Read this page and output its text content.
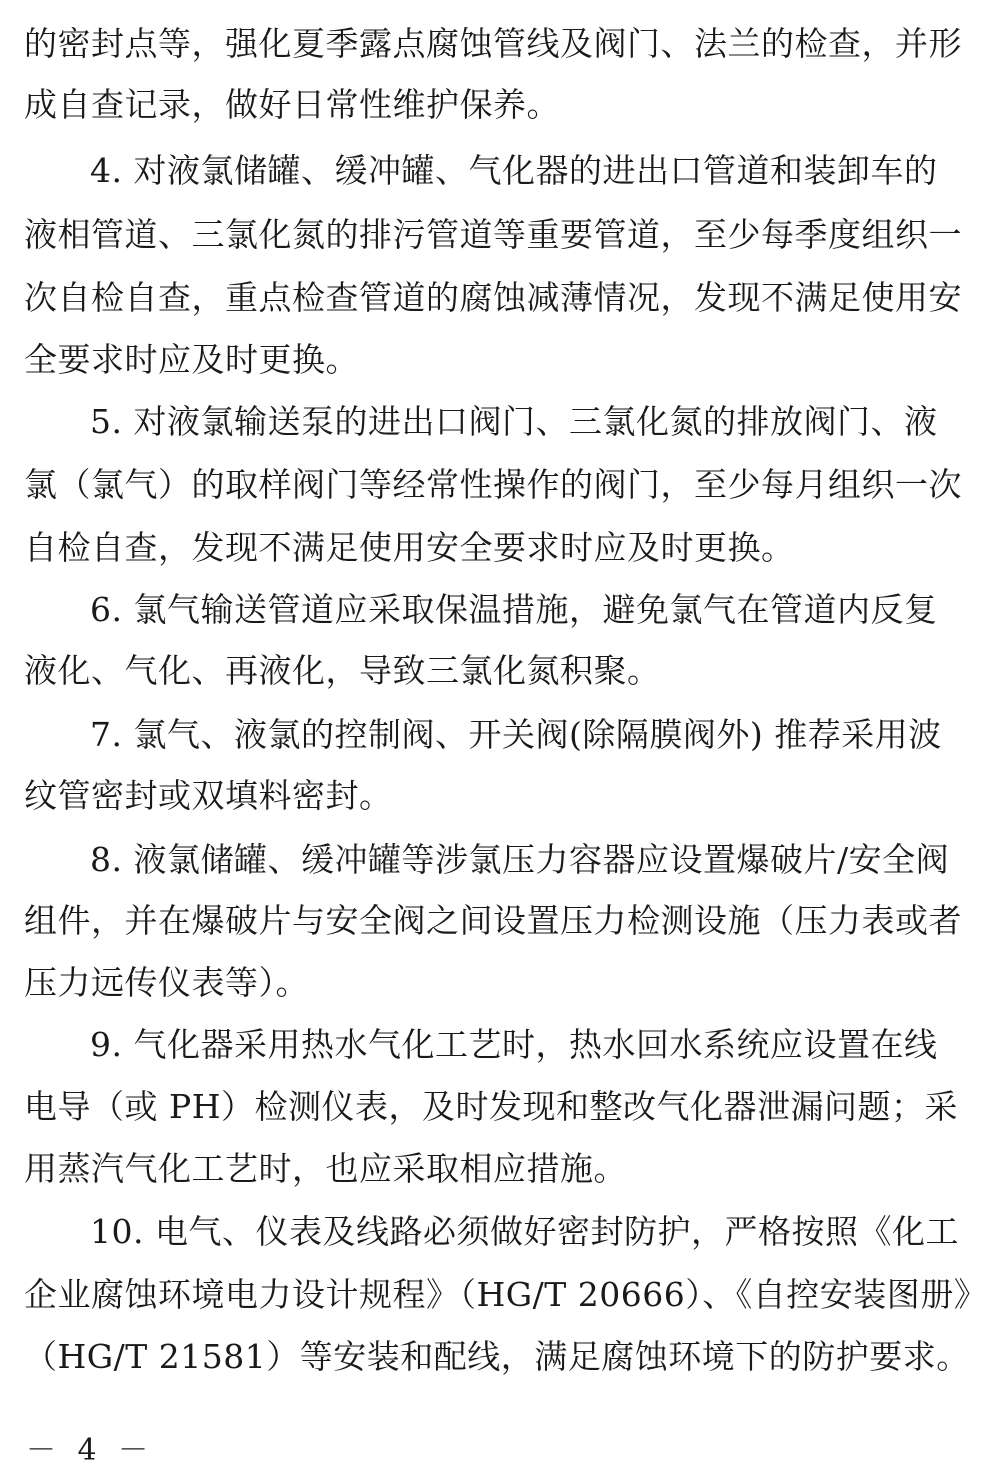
的密封点等，强化夏季露点腐蚀管线及阀门、法兰的检查，并形
成自查记录，做好日常性维护保养。
4. 对液氯储罐、缓冲罐、气化器的进出口管道和装卸车的
液相管道、三氯化氮的排污管道等重要管道，至少每季度组织一
次自检自查，重点检查管道的腐蚀减薄情况，发现不满足使用安
全要求时应及时更换。
5. 对液氯输送泵的进出口阀门、三氯化氮的排放阀门、液
氯（氯气）的取样阀门等经常性操作的阀门，至少每月组织一次
自检自查，发现不满足使用安全要求时应及时更换。
6. 氯气输送管道应采取保温措施，避免氯气在管道内反复
液化、气化、再液化，导致三氯化氮积聚。
7. 氯气、液氯的控制阀、开关阀(除隔膜阀外) 推荐采用波
纹管密封或双填料密封。
8. 液氯储罐、缓冲罐等涉氯压力容器应设置爆破片/安全阀
组件，并在爆破片与安全阀之间设置压力检测设施（压力表或者
压力远传仪表等）。
9. 气化器采用热水气化工艺时，热水回水系统应设置在线
电导（或 PH）检测仪表，及时发现和整改气化器泄漏问题；采
用蒸汽气化工艺时，也应采取相应措施。
10. 电气、仪表及线路必须做好密封防护，严格按照《化工
企业腐蚀环境电力设计规程》（HG/T 20666）、《自控安装图册》
（HG/T 21581）等安装和配线，满足腐蚀环境下的防护要求。
－ 4 －
